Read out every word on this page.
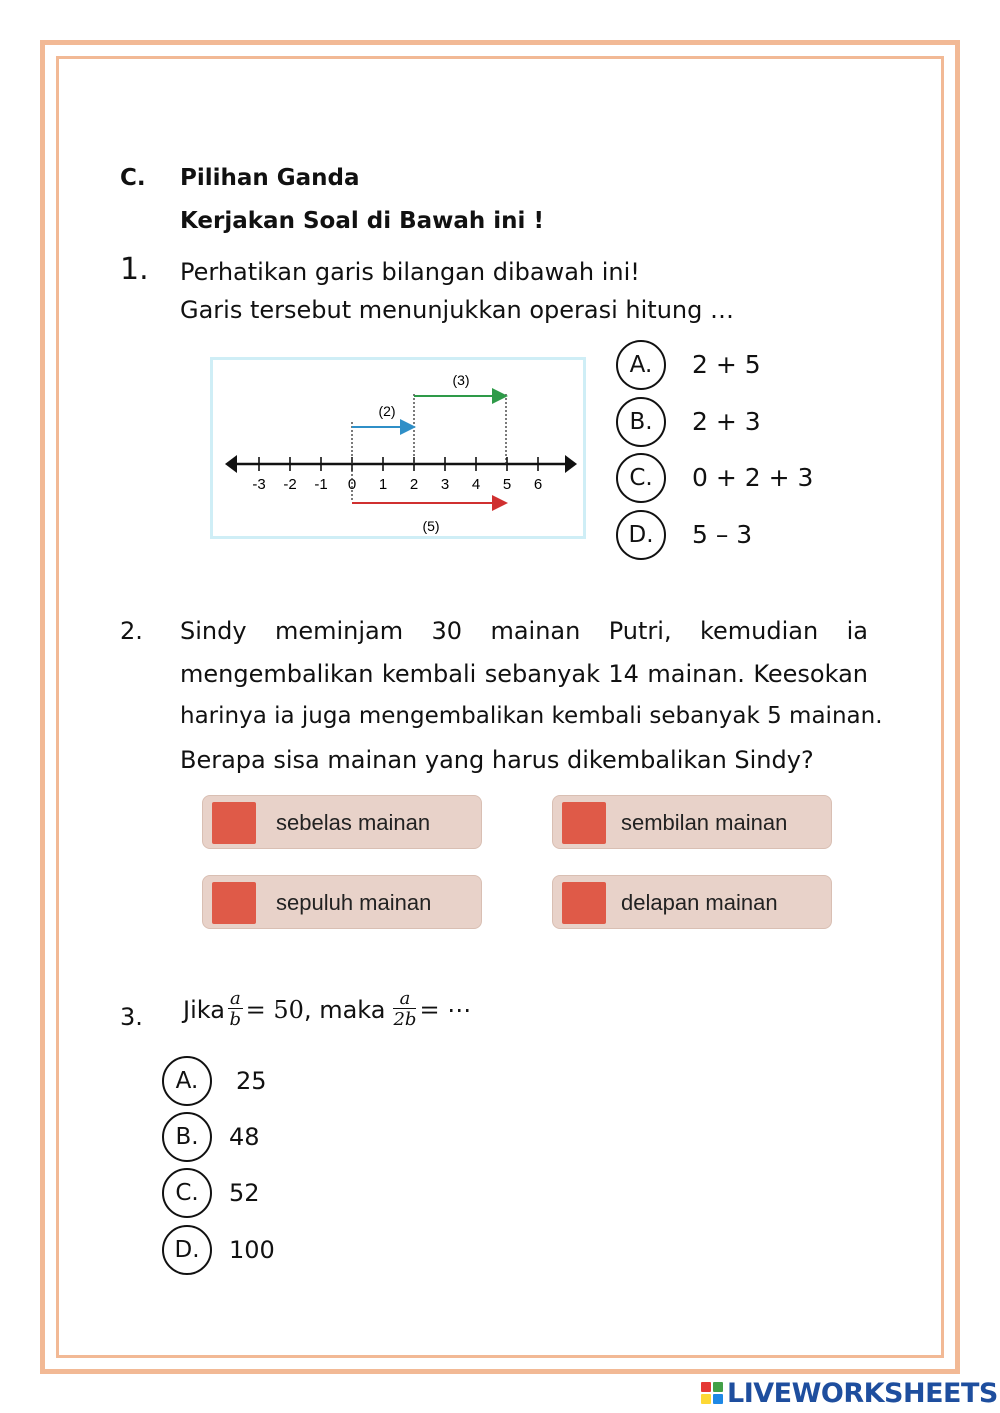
C. Pilihan Ganda
Kerjakan Soal di Bawah ini !
1. Perhatikan garis bilangan dibawah ini!
Garis tersebut menunjukkan operasi hitung …
-3 -2 -1 0 1 2 3 4 5 6
(2)
(3)
(5)
A. 2 + 5
B. 2 + 3
C. 0 + 2 + 3
D. 5 – 3
2. Sindy meminjam 30 mainan Putri, kemudian ia
mengembalikan kembali sebanyak 14 mainan. Keesokan
harinya ia juga mengembalikan kembali sebanyak 5 mainan.
Berapa sisa mainan yang harus dikembalikan Sindy?
sebelas mainan	sembilan mainan
sepuluh mainan	delapan mainan
3. Jika $\frac{a}{b} = 50$ , maka $\frac{a}{2b}$ = ⋯
A. 25
B. 48
C. 52
D. 100
LIVEWORKSHEETS
